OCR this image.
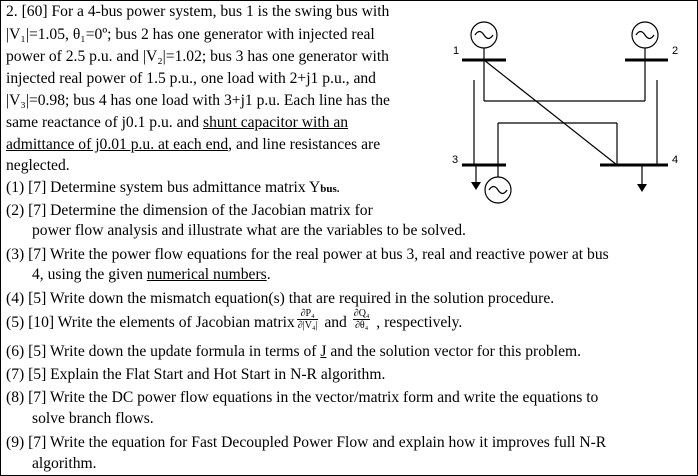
2. [60] For a 4-bus power system, bus 1 is the swing bus with
|V₁|=1.05, θ₁=0º; bus 2 has one generator with injected real
power of 2.5 p.u. and |V₂|=1.02; bus 3 has one generator with
injected real power of 1.5 p.u., one load with 2+j1 p.u., and
|V₃|=0.98; bus 4 has one load with 3+j1 p.u. Each line has the
same reactance of j0.1 p.u. and shunt capacitor with an
admittance of j0.01 p.u. at each end, and line resistances are
neglected.
(1) [7] Determine system bus admittance matrix Ybus.
(2) [7] Determine the dimension of the Jacobian matrix for
power flow analysis and illustrate what are the variables to be solved.
(3) [7] Write the power flow equations for the real power at bus 3, real and reactive power at bus
4, using the given numerical numbers.
(4) [5] Write down the mismatch equation(s) that are required in the solution procedure.
(5) [10] Write the elements of Jacobian matrix $\frac{\text{∂P₄}}{\text{∂|V₄|}}$ and $\frac{\text{∂Q₄}}{\text{∂θ₄}}$ , respectively.
(6) [5] Write down the update formula in terms of J and the solution vector for this problem.
(7) [5] Explain the Flat Start and Hot Start in N-R algorithm.
(8) [7] Write the DC power flow equations in the vector/matrix form and write the equations to
solve branch flows.
(9) [7] Write the equation for Fast Decoupled Power Flow and explain how it improves full N-R
algorithm.
1	2
3	4
